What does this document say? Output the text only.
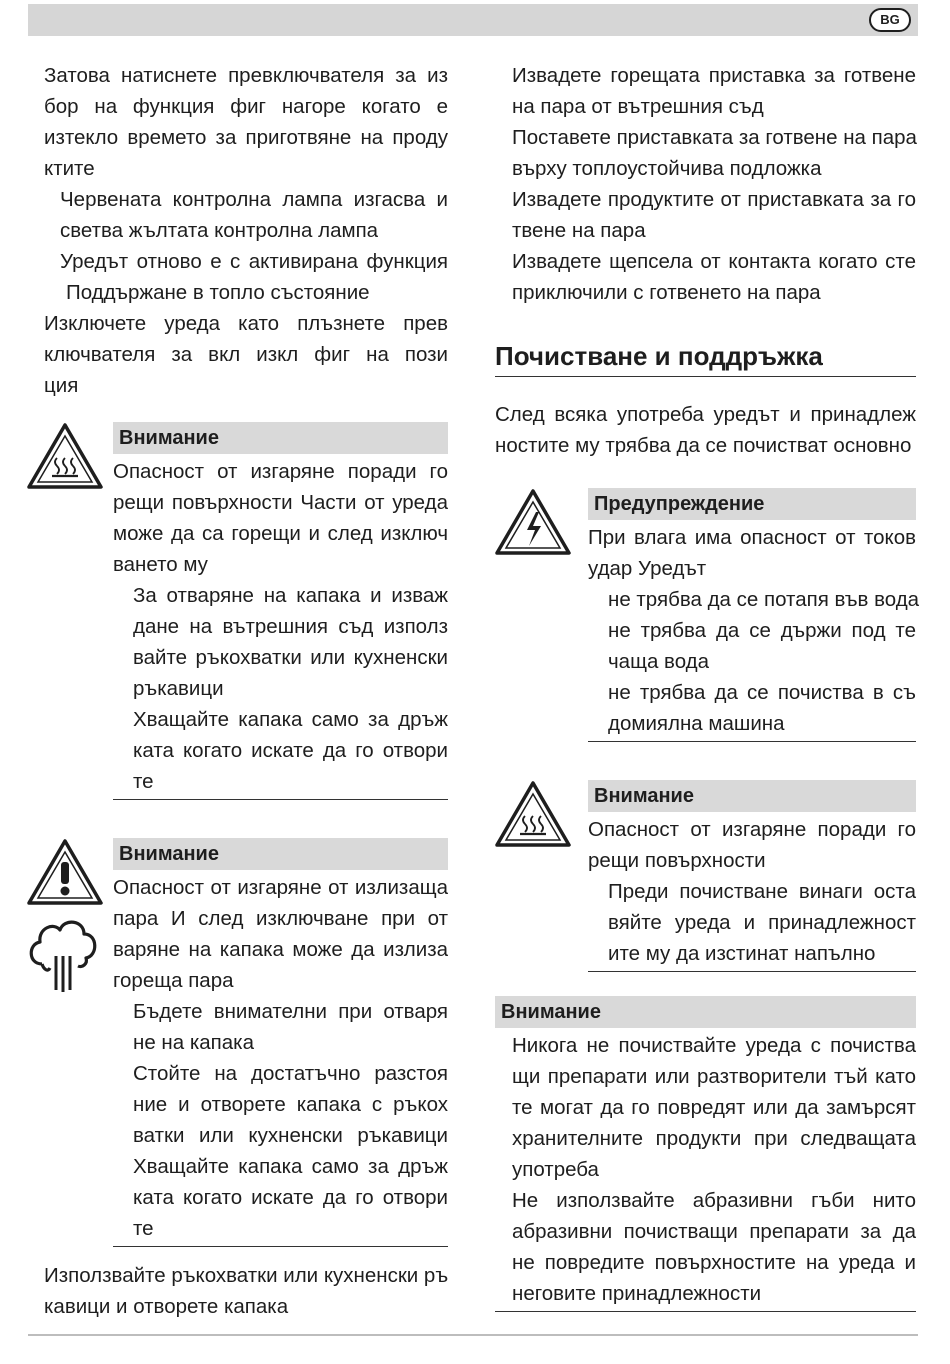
BG
Затова натиснете превключвателя за из
бор на функция фиг нагоре когато е
изтекло времето за приготвяне на проду
ктите
Червената контролна лампа изгасва и
светва жълтата контролна лампа
Уредът отново е с активирана функция
Поддържане в топло състояние
Изключете уреда като плъзнете прев
ключвателя за вкл изкл фиг на пози
ция
Внимание
Опасност от изгаряне поради го
рещи повърхности Части от уреда
може да са горещи и след изключ
ването му
За отваряне на капака и изваж
дане на вътрешния съд използ
вайте ръкохватки или кухненски
ръкавици
Хващайте капака само за дръж
ката когато искате да го отвори
те
Внимание
Опасност от изгаряне от излизаща
пара И след изключване при от
варяне на капака може да излиза
гореща пара
Бъдете внимателни при отваря
не на капака
Стойте на достатъчно разстоя
ние и отворете капака с ръкох
ватки или кухненски ръкавици
Хващайте капака само за дръж
ката когато искате да го отвори
те
Използвайте ръкохватки или кухненски ръ
кавици и отворете капака
Извадете горещата приставка за готвене
на пара от вътрешния съд
Поставете приставката за готвене на пара
върху топлоустойчива подложка
Извадете продуктите от приставката за го
твене на пара
Извадете щепсела от контакта когато сте
приключили с готвенето на пара
Почистване и поддръжка
След всяка употреба уредът и принадлеж
ностите му трябва да се почистват основно
Предупреждение
При влага има опасност от токов
удар Уредът
не трябва да се потапя във вода
не трябва да се държи под те
чаща вода
не трябва да се почиства в съ
домиялна машина
Внимание
Опасност от изгаряне поради го
рещи повърхности
Преди почистване винаги оста
вяйте уреда и принадлежност
ите му да изстинат напълно
Внимание
Никога не почиствайте уреда с почиства
щи препарати или разтворители тъй като
те могат да го повредят или да замърсят
хранителните продукти при следващата
употреба
Не използвайте абразивни гъби нито
абразивни почистващи препарати за да
не повредите повърхностите на уреда и
неговите принадлежности
